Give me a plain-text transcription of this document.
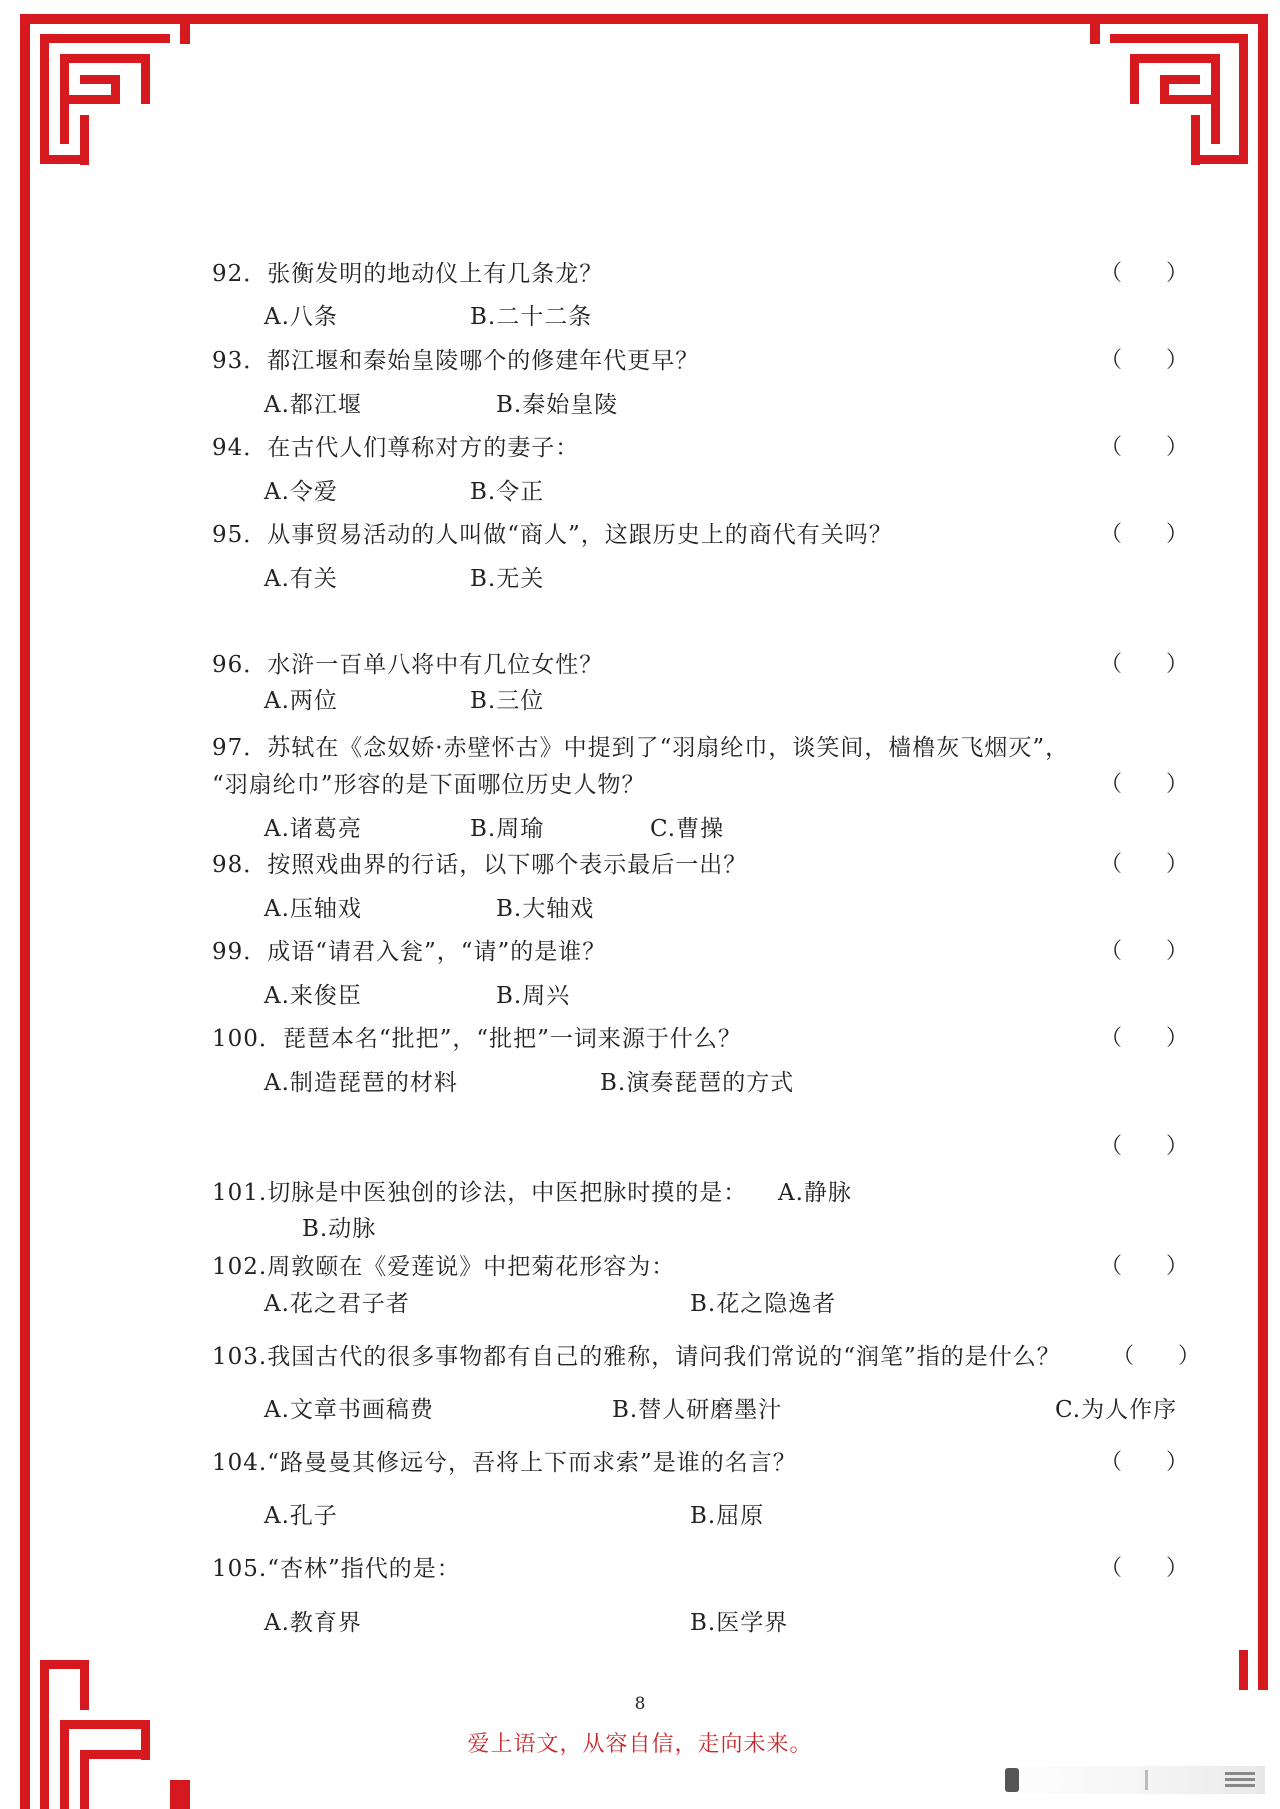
92．张衡发明的地动仪上有几条龙？	（　　）
A.八条	B.二十二条
93．都江堰和秦始皇陵哪个的修建年代更早？	（　　）
A.都江堰	B.秦始皇陵
94．在古代人们尊称对方的妻子：	（　　）
A.令爱	B.令正
95．从事贸易活动的人叫做“商人”，这跟历史上的商代有关吗？	（　　）
A.有关	B.无关
96．水浒一百单八将中有几位女性？	（　　）
A.两位	B.三位
97．苏轼在《念奴娇·赤壁怀古》中提到了“羽扇纶巾，谈笑间，樯橹灰飞烟灭”，
“羽扇纶巾”形容的是下面哪位历史人物？	（　　）
A.诸葛亮	B.周瑜	C.曹操
98．按照戏曲界的行话，以下哪个表示最后一出？	（　　）
A.压轴戏	B.大轴戏
99．成语“请君入瓮”，“请”的是谁？	（　　）
A.来俊臣	B.周兴
100．琵琶本名“批把”，“批把”一词来源于什么？	（　　）
A.制造琵琶的材料	B.演奏琵琶的方式
（　　）
101.切脉是中医独创的诊法，中医把脉时摸的是： A.静脉
B.动脉
102.周敦颐在《爱莲说》中把菊花形容为：	（　　）
A.花之君子者	B.花之隐逸者
103.我国古代的很多事物都有自己的雅称，请问我们常说的“润笔”指的是什么？ （　　）
A.文章书画稿费	B.替人研磨墨汁	C.为人作序
104.“路曼曼其修远兮，吾将上下而求索”是谁的名言？	（　　）
A.孔子	B.屈原
105.“杏林”指代的是：	（　　）
A.教育界	B.医学界
8
爱上语文，从容自信，走向未来。
